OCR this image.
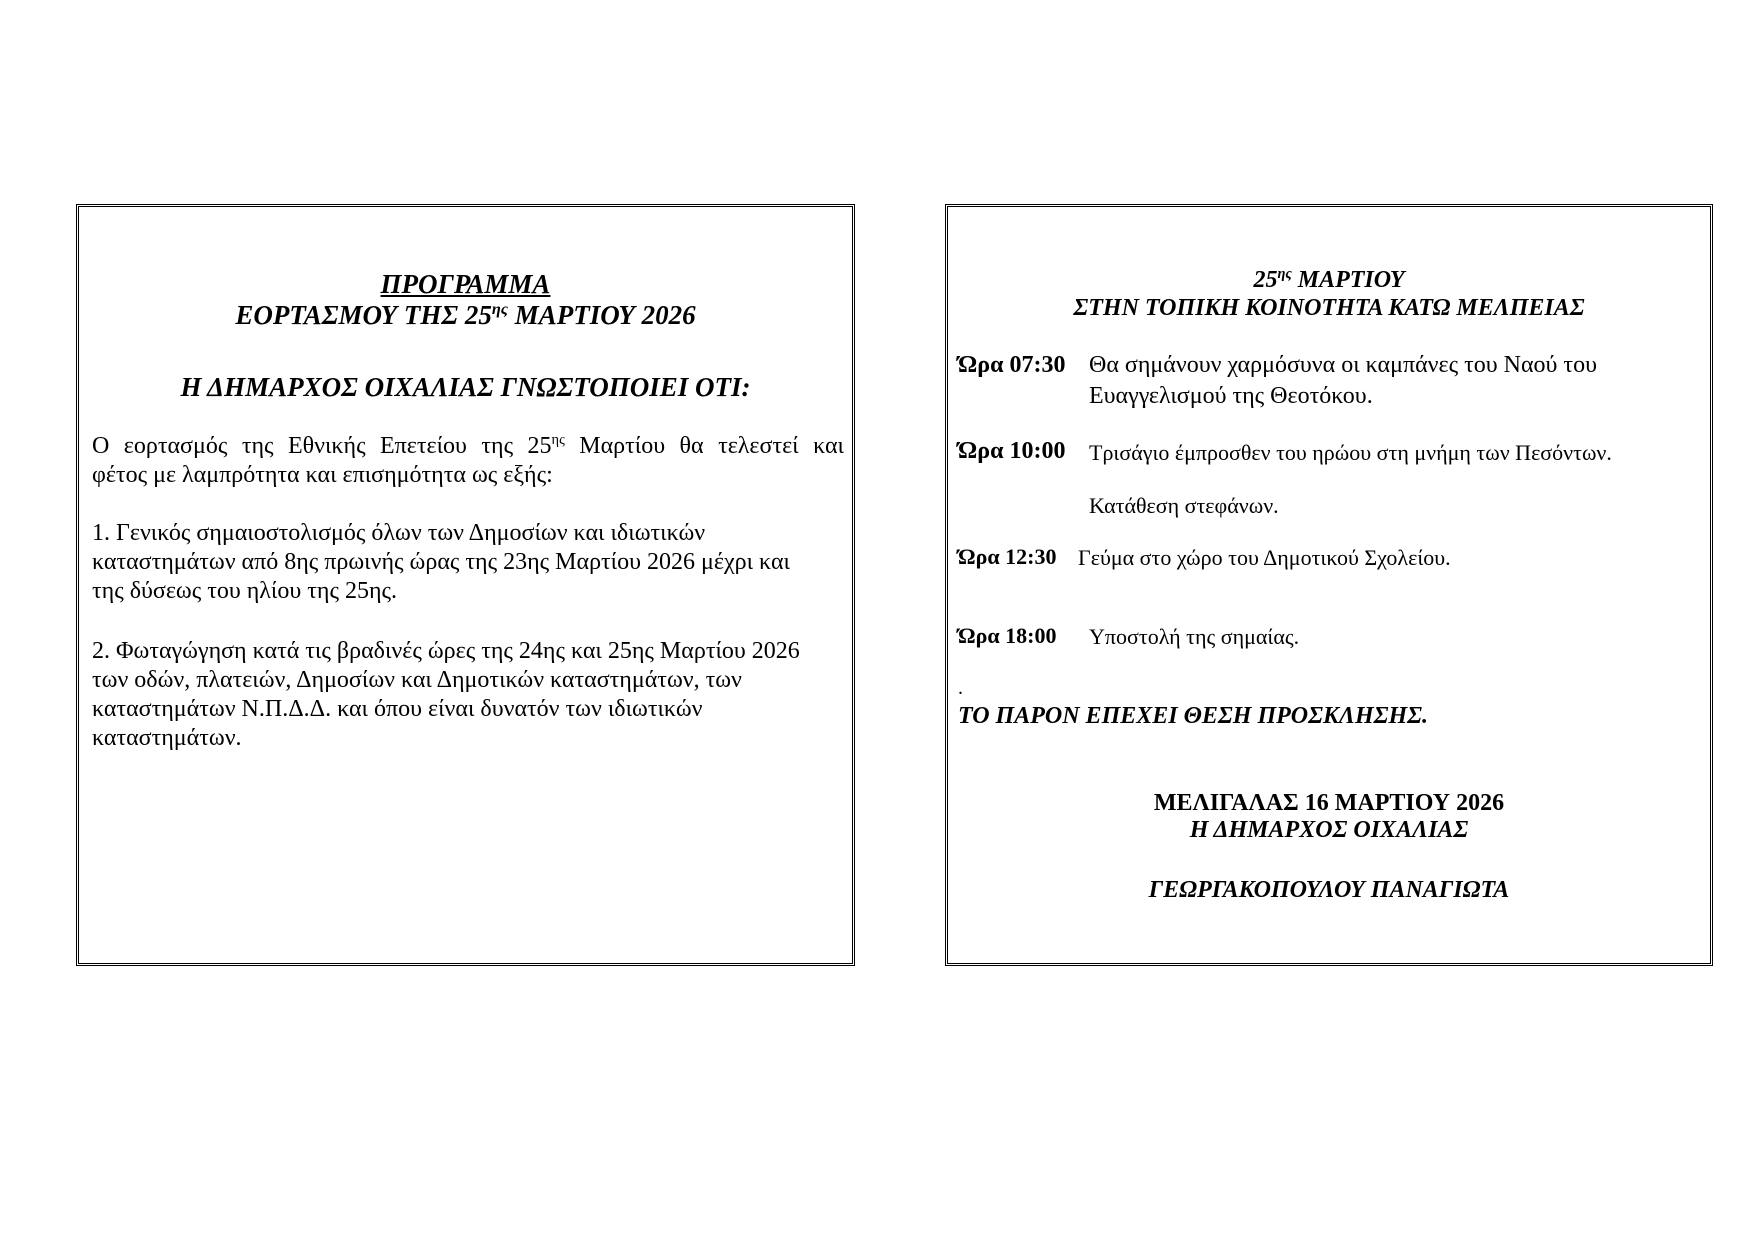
ΠΡΟΓΡΑΜΜΑ
ΕΟΡΤΑΣΜΟΥ ΤΗΣ $25^{\eta\varsigma}$ ΜΑΡΤΙΟΥ 2026
Η ΔΗΜΑΡΧΟΣ ΟΙΧΑΛΙΑΣ ΓΝΩΣΤΟΠΟΙΕΙ ΟΤΙ:
Ο εορτασμός της Εθνικής Επετείου της $25^{\eta\varsigma}$ Μαρτίου θα τελεστεί και
φέτος με λαμπρότητα και επισημότητα ως εξής:
1. Γενικός σημαιοστολισμός όλων των Δημοσίων και ιδιωτικών
καταστημάτων από 8ης πρωινής ώρας της 23ης Μαρτίου 2026 μέχρι και
της δύσεως του ηλίου της 25ης.
2. Φωταγώγηση κατά τις βραδινές ώρες της 24ης και 25ης Μαρτίου 2026
των οδών, πλατειών, Δημοσίων και Δημοτικών καταστημάτων, των
καταστημάτων Ν.Π.Δ.Δ. και όπου είναι δυνατόν των ιδιωτικών
καταστημάτων.
$25^{\eta\varsigma}$ ΜΑΡΤΙΟΥ
ΣΤΗΝ ΤΟΠΙΚΗ ΚΟΙΝΟΤΗΤΑ ΚΑΤΩ ΜΕΛΠΕΙΑΣ
Ώρα 07:30 Θα σημάνουν χαρμόσυνα οι καμπάνες του Ναού του
Ευαγγελισμού της Θεοτόκου.
Ώρα 10:00 Τρισάγιο έμπροσθεν του ηρώου στη μνήμη των Πεσόντων.
Κατάθεση στεφάνων.
Ώρα 12:30 Γεύμα στο χώρο του Δημοτικού Σχολείου.
Ώρα 18:00 Υποστολή της σημαίας.
.
ΤΟ ΠΑΡΟΝ ΕΠΕΧΕΙ ΘΕΣΗ ΠΡΟΣΚΛΗΣΗΣ.
ΜΕΛΙΓΑΛΑΣ 16 ΜΑΡΤΙΟΥ 2026
Η ΔΗΜΑΡΧΟΣ ΟΙΧΑΛΙΑΣ
ΓΕΩΡΓΑΚΟΠΟΥΛΟΥ ΠΑΝΑΓΙΩΤΑ
